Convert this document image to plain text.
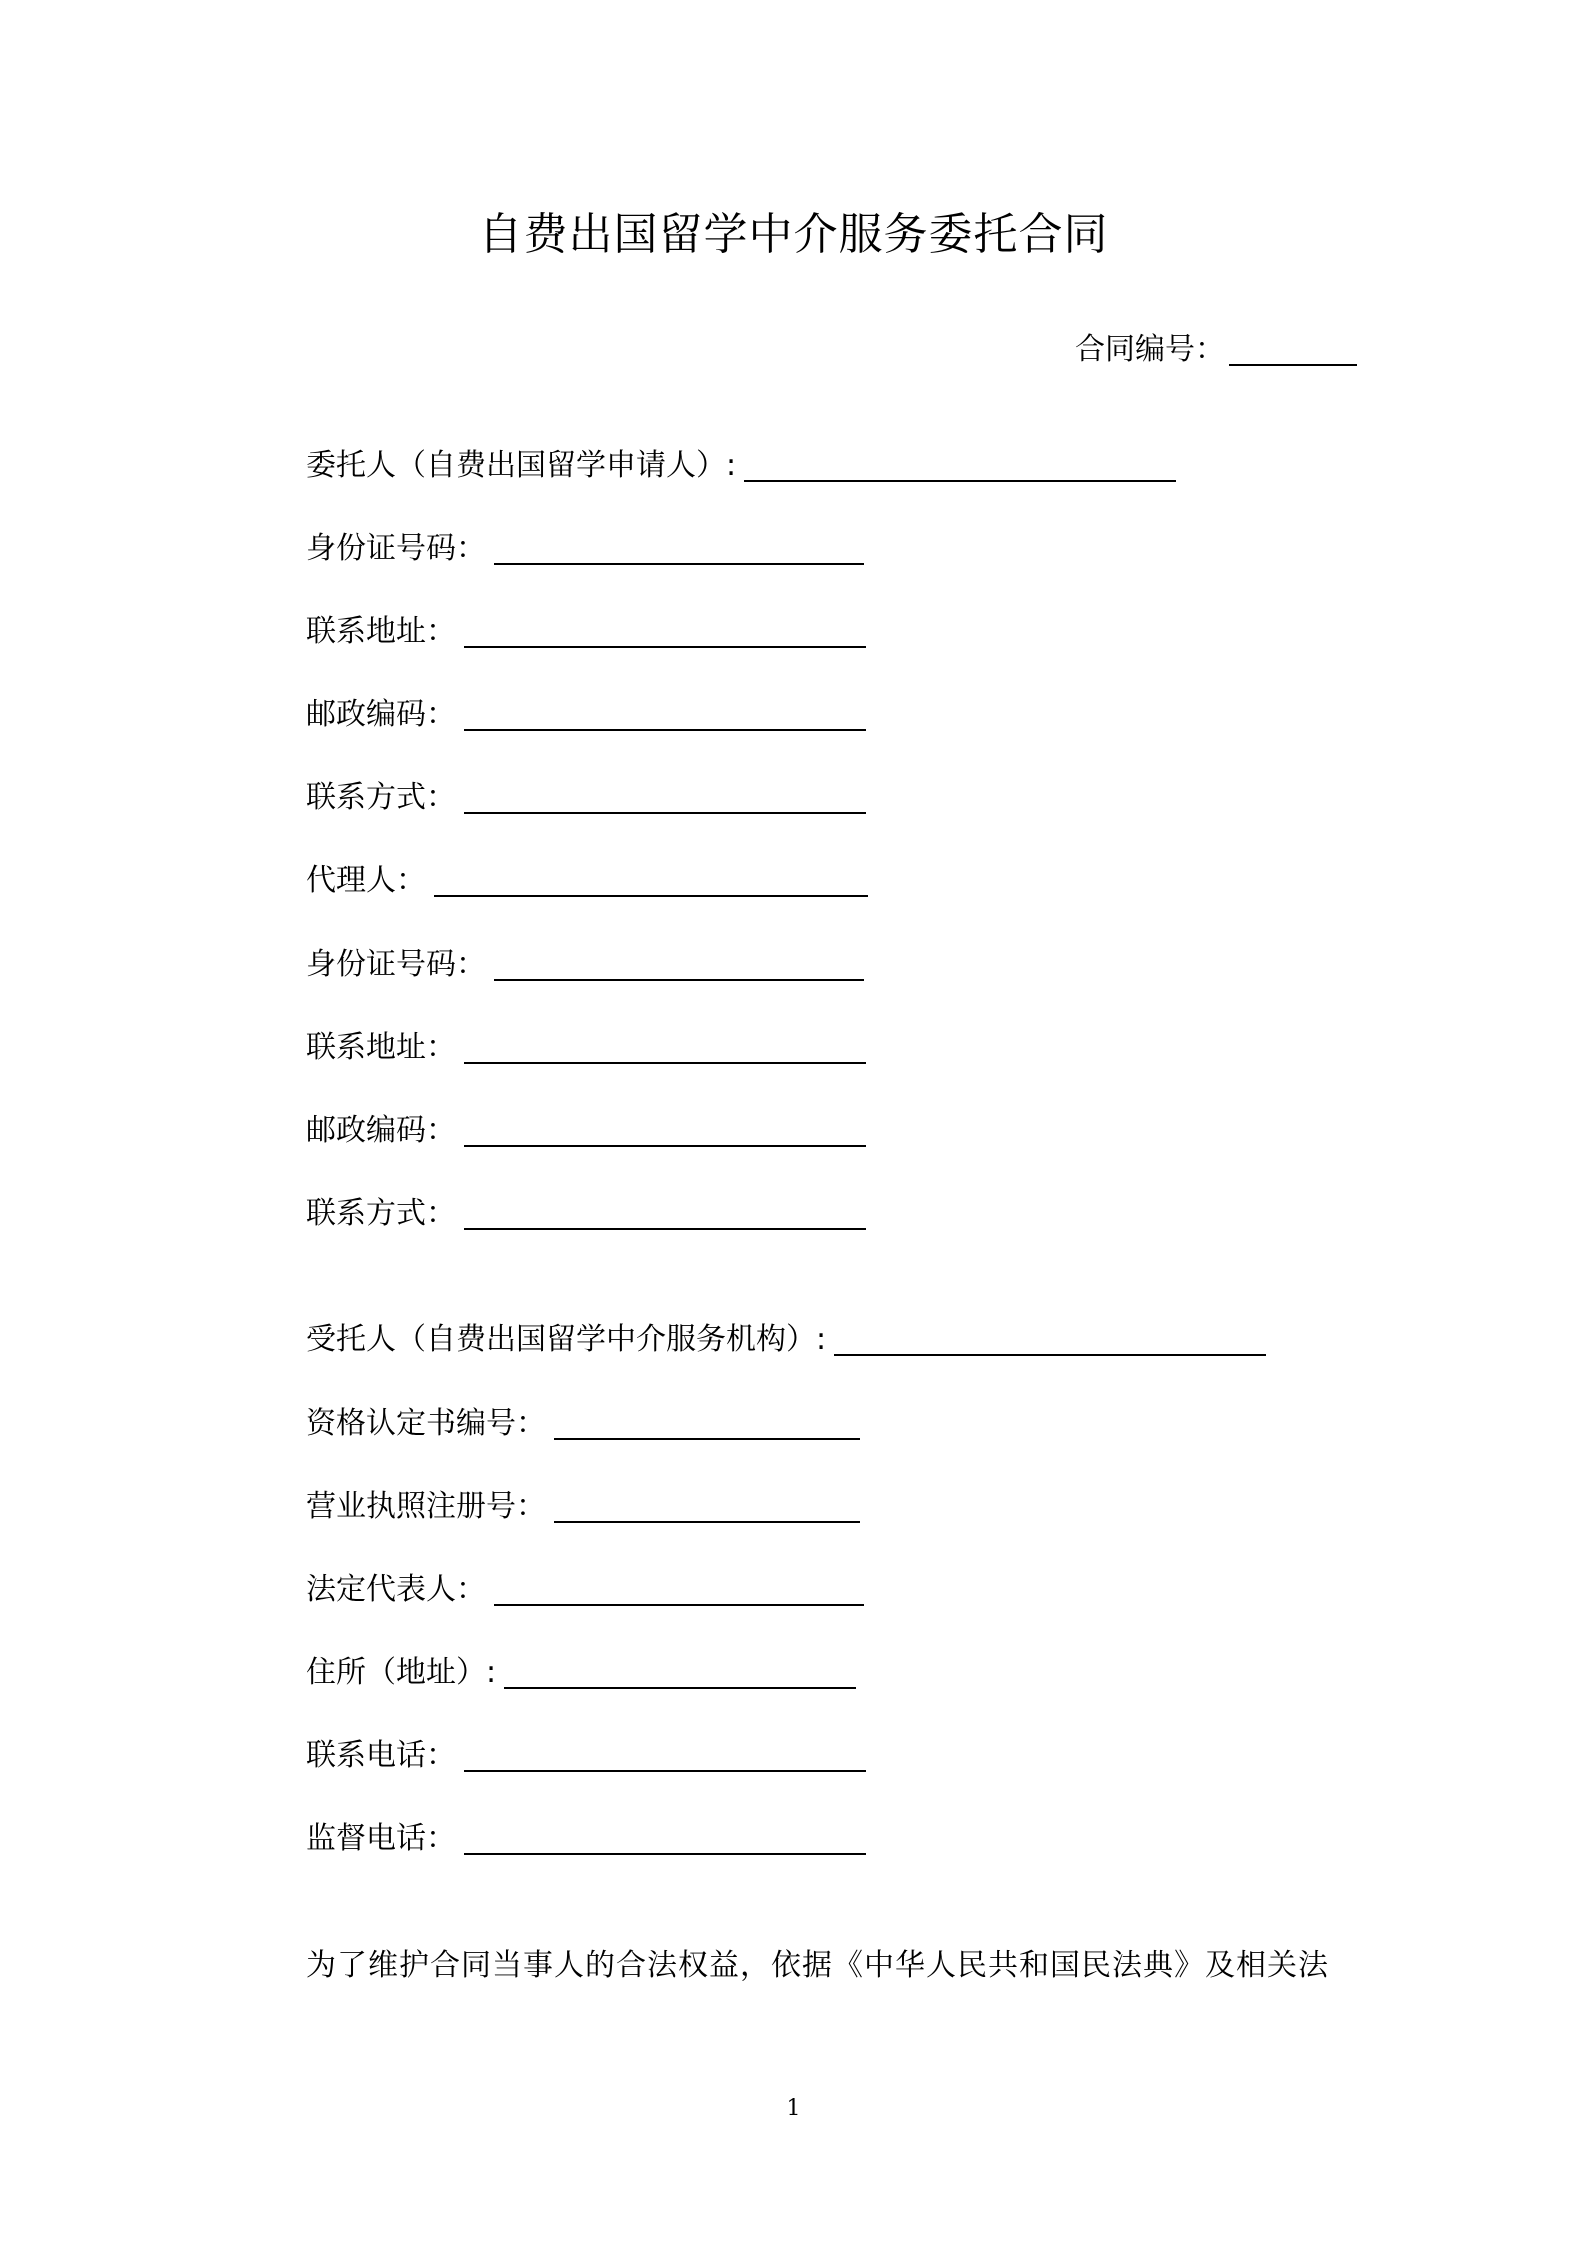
自费出国留学中介服务委托合同
合同编号：
委托人（自费出国留学申请人）:
身份证号码：
联系地址：
邮政编码：
联系方式：
代理人：
身份证号码：
联系地址：
邮政编码：
联系方式：
受托人（自费出国留学中介服务机构）:
资格认定书编号：
营业执照注册号：
法定代表人：
住所（地址）:
联系电话：
监督电话：
为了维护合同当事人的合法权益，依据《中华人民共和国民法典》及相关法
1
